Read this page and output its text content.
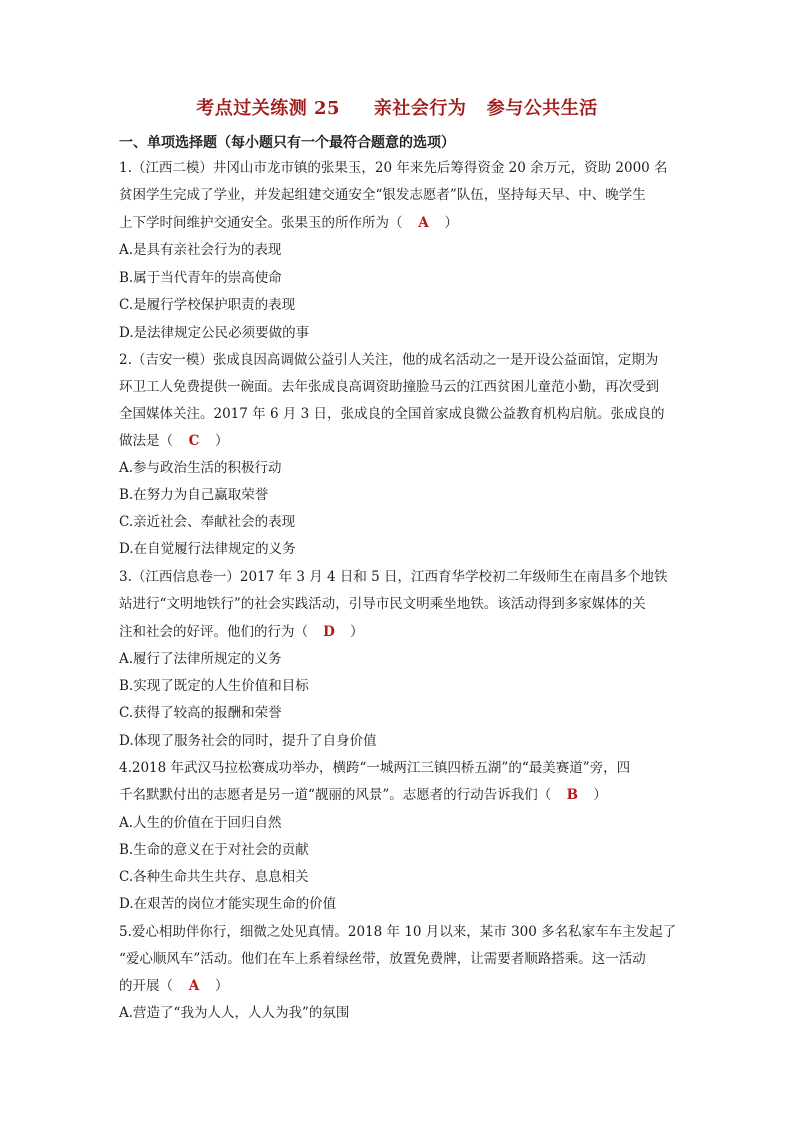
考点过关练测 25     亲社会行为   参与公共生活
一、单项选择题（每小题只有一个最符合题意的选项）
1.（江西二模）井冈山市龙市镇的张果玉，20 年来先后筹得资金 20 余万元，资助 2000 名
贫困学生完成了学业，并发起组建交通安全“银发志愿者”队伍，坚持每天早、中、晚学生
上下学时间维护交通安全。张果玉的所作所为（ A ）
A.是具有亲社会行为的表现
B.属于当代青年的崇高使命
C.是履行学校保护职责的表现
D.是法律规定公民必须要做的事
2.（吉安一模）张成良因高调做公益引人关注，他的成名活动之一是开设公益面馆，定期为
环卫工人免费提供一碗面。去年张成良高调资助撞脸马云的江西贫困儿童范小勤，再次受到
全国媒体关注。2017 年 6 月 3 日，张成良的全国首家成良微公益教育机构启航。张成良的
做法是（ C ）
A.参与政治生活的积极行动
B.在努力为自己赢取荣誉
C.亲近社会、奉献社会的表现
D.在自觉履行法律规定的义务
3.（江西信息卷一）2017 年 3 月 4 日和 5 日，江西育华学校初二年级师生在南昌多个地铁
站进行“文明地铁行”的社会实践活动，引导市民文明乘坐地铁。该活动得到多家媒体的关
注和社会的好评。他们的行为（ D ）
A.履行了法律所规定的义务
B.实现了既定的人生价值和目标
C.获得了较高的报酬和荣誉
D.体现了服务社会的同时，提升了自身价值
4.2018 年武汉马拉松赛成功举办，横跨“一城两江三镇四桥五湖”的“最美赛道”旁，四
千名默默付出的志愿者是另一道“靓丽的风景”。志愿者的行动告诉我们（ B ）
A.人生的价值在于回归自然
B.生命的意义在于对社会的贡献
C.各种生命共生共存、息息相关
D.在艰苦的岗位才能实现生命的价值
5.爱心相助伴你行，细微之处见真情。2018 年 10 月以来，某市 300 多名私家车车主发起了
“爱心顺风车”活动。他们在车上系着绿丝带，放置免费牌，让需要者顺路搭乘。这一活动
的开展（ A ）
A.营造了“我为人人，人人为我”的氛围
